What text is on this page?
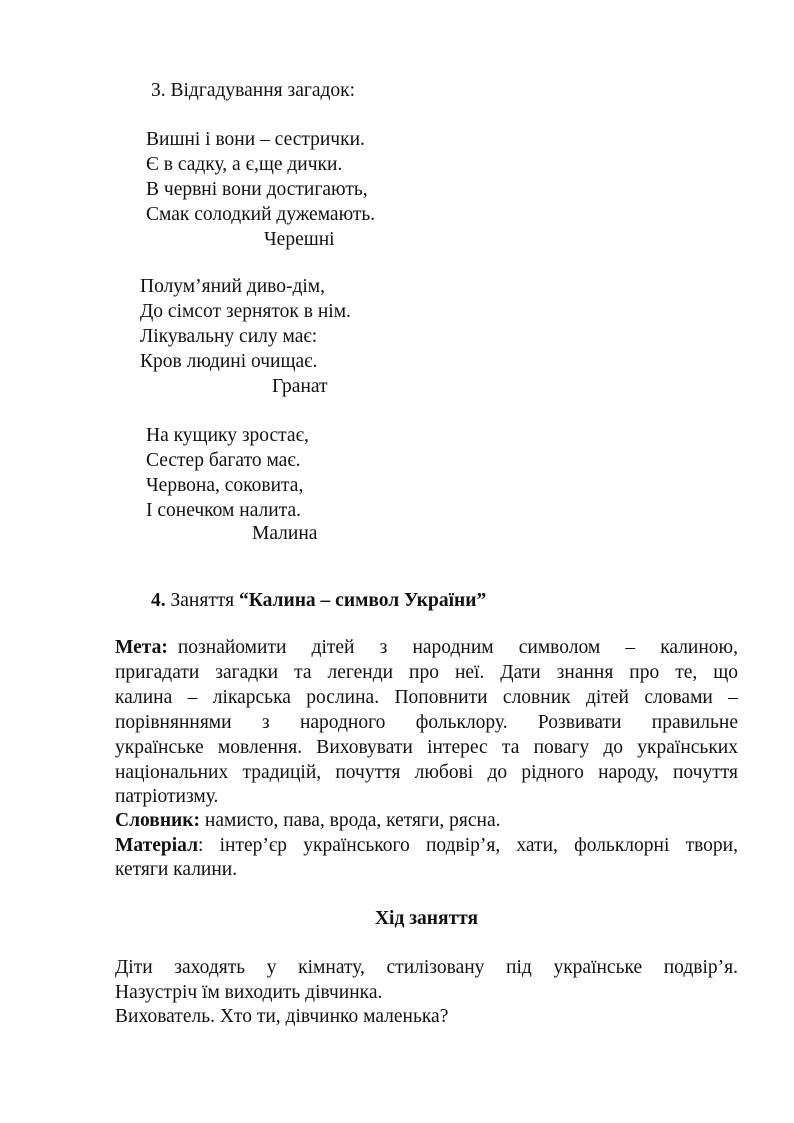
3. Відгадування загадок:
Вишні і вони – сестрички.
Є в садку, а є,ще дички.
В червні вони достигають,
Смак солодкий дужемають.
Черешні
Полум’яний диво-дім,
До сімсот зерняток в нім.
Лікувальну силу має:
Кров людині очищає.
Гранат
На кущику зростає,
Сестер багато має.
Червона, соковита,
І сонечком налита.
Малина
4. Заняття “Калина – символ України”
Мета: познайомити дітей з народним символом – калиною,
пригадати загадки та легенди про неї. Дати знання про те, що
калина – лікарська рослина. Поповнити словник дітей словами –
порівняннями з народного фольклору. Розвивати правильне
українське мовлення. Виховувати інтерес та повагу до українських
національних традицій, почуття любові до рідного народу, почуття
патріотизму.
Словник: намисто, пава, врода, кетяги, рясна.
Матеріал : інтер’єр українського подвір’я, хати, фольклорні твори,
кетяги калини.
Хід заняття
Діти заходять у кімнату, стилізовану під українське подвір’я.
Назустріч їм виходить дівчинка.
Вихователь. Хто ти, дівчинко маленька?
